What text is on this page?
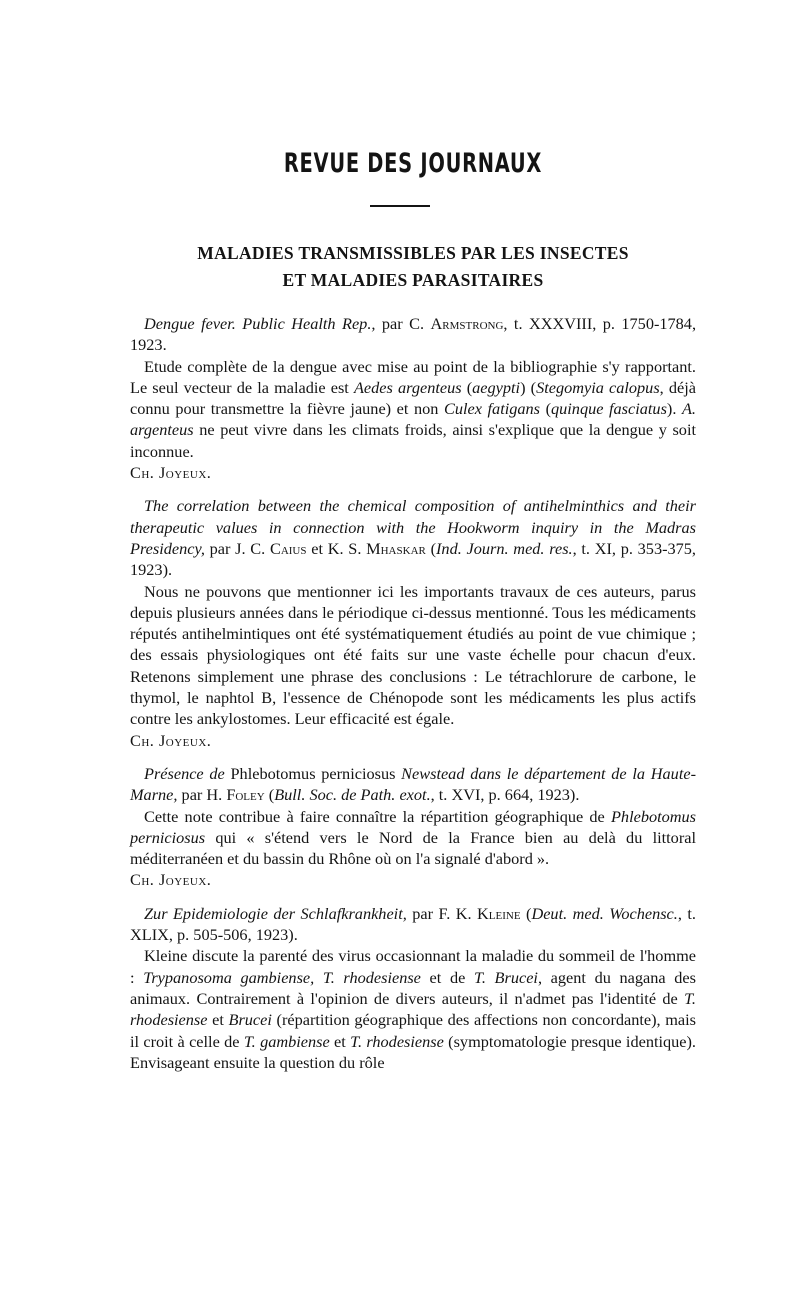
REVUE DES JOURNAUX
MALADIES TRANSMISSIBLES PAR LES INSECTES
ET MALADIES PARASITAIRES

Dengue fever. Public Health Rep., par C. Armstrong, t. XXXVIII, p. 1750-1784, 1923.

Etude complète de la dengue avec mise au point de la bibliographie s'y rapportant. Le seul vecteur de la maladie est Aedes argenteus (aegypti) (Stegomyia calopus, déjà connu pour transmettre la fièvre jaune) et non Culex fatigans (quinque fasciatus). A. argenteus ne peut vivre dans les climats froids, ainsi s'explique que la dengue y soit inconnue.

Ch. Joyeux.

The correlation between the chemical composition of antihelminthics and their therapeutic values in connection with the Hookworm inquiry in the Madras Presidency, par J. C. Caius et K. S. Mhaskar (Ind. Journ. med. res., t. XI, p. 353-375, 1923).

Nous ne pouvons que mentionner ici les importants travaux de ces auteurs, parus depuis plusieurs années dans le périodique ci-dessus mentionné. Tous les médicaments réputés antihelmintiques ont été systématiquement étudiés au point de vue chimique ; des essais physiologiques ont été faits sur une vaste échelle pour chacun d'eux. Retenons simplement une phrase des conclusions : Le tétrachlorure de carbone, le thymol, le naphtol B, l'essence de Chénopode sont les médicaments les plus actifs contre les ankylostomes. Leur efficacité est égale.

Ch. Joyeux.

Présence de Phlebotomus perniciosus Newstead dans le département de la Haute-Marne, par H. Foley (Bull. Soc. de Path. exot., t. XVI, p. 664, 1923).

Cette note contribue à faire connaître la répartition géographique de Phlebotomus perniciosus qui « s'étend vers le Nord de la France bien au delà du littoral méditerranéen et du bassin du Rhône où on l'a signalé d'abord ».

Ch. Joyeux.

Zur Epidemiologie der Schlafkrankheit, par F. K. Kleine (Deut. med. Wochensc., t. XLIX, p. 505-506, 1923).

Kleine discute la parenté des virus occasionnant la maladie du sommeil de l'homme : Trypanosoma gambiense, T. rhodesiense et de T. Brucei, agent du nagana des animaux. Contrairement à l'opinion de divers auteurs, il n'admet pas l'identité de T. rhodesiense et Brucei (répartition géographique des affections non concordante), mais il croit à celle de T. gambiense et T. rhodesiense (symptomatologie presque identique). Envisageant ensuite la question du rôle
